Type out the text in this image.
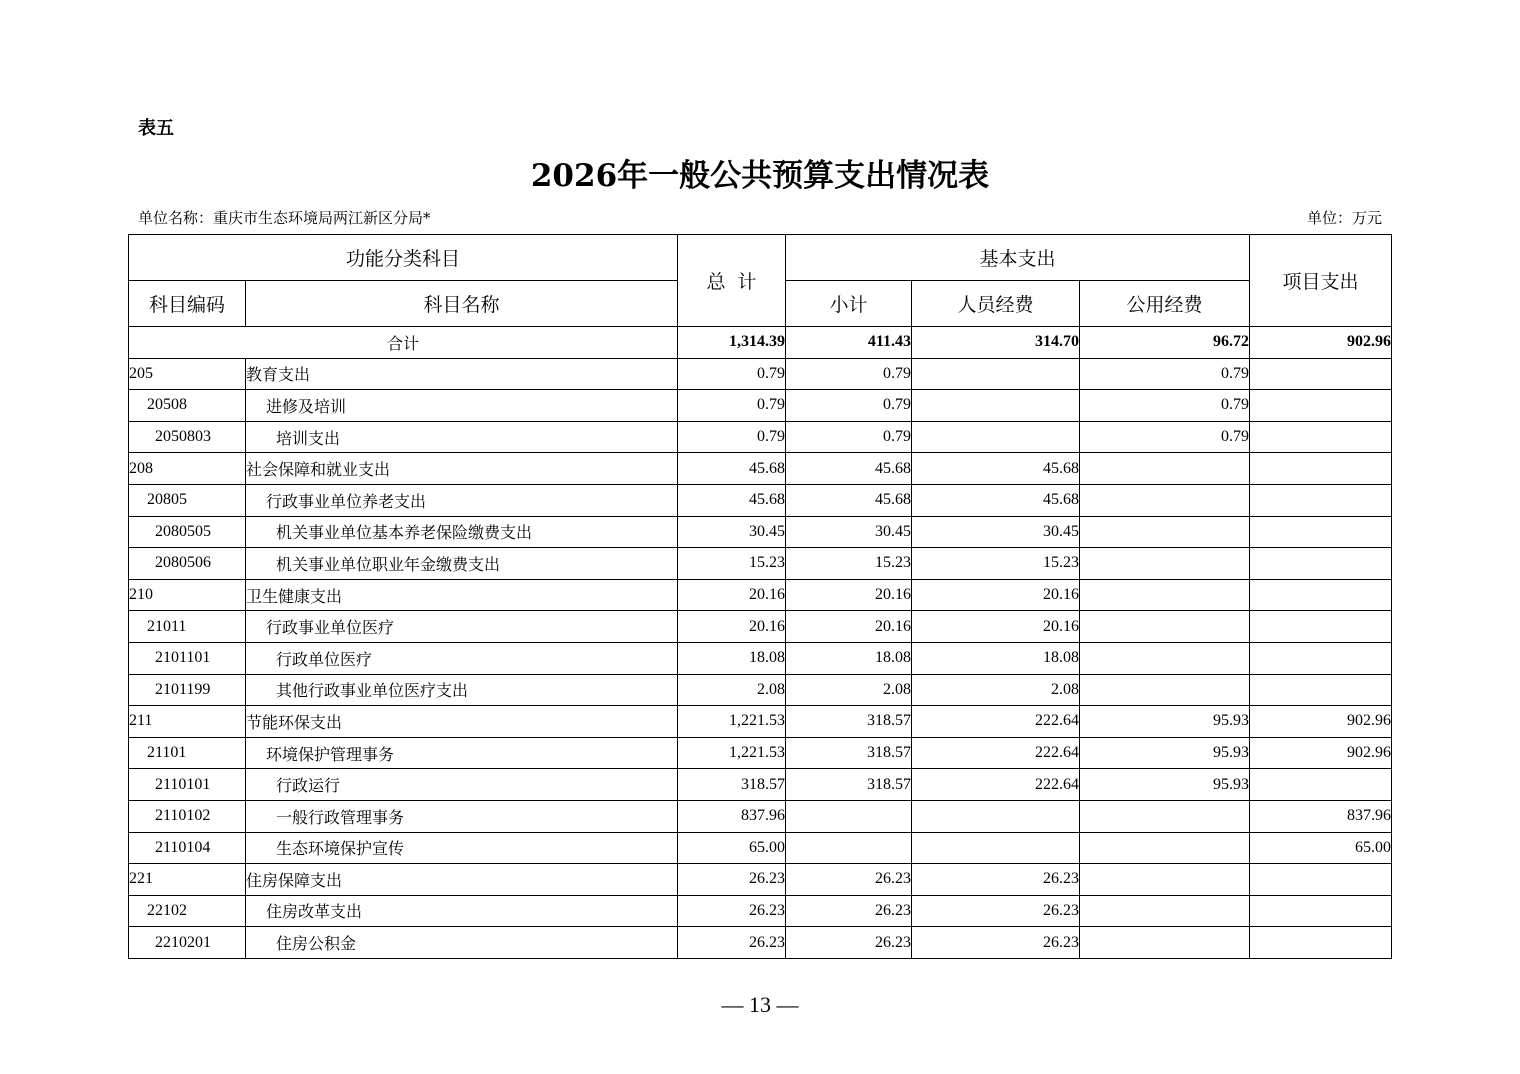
表五
2026年一般公共预算支出情况表
单位名称：重庆市生态环境局两江新区分局*	单位：万元
功能分类科目		总  计	基本支出			项目支出
科目编码	科目名称		小计	人员经费	公用经费	
合计		1,314.39	411.43	314.70	96.72	902.96
205	教育支出	0.79	0.79		0.79	
20508	进修及培训	0.79	0.79		0.79	
2050803	培训支出	0.79	0.79		0.79	
208	社会保障和就业支出	45.68	45.68	45.68		
20805	行政事业单位养老支出	45.68	45.68	45.68		
2080505	机关事业单位基本养老保险缴费支出	30.45	30.45	30.45		
2080506	机关事业单位职业年金缴费支出	15.23	15.23	15.23		
210	卫生健康支出	20.16	20.16	20.16		
21011	行政事业单位医疗	20.16	20.16	20.16		
2101101	行政单位医疗	18.08	18.08	18.08		
2101199	其他行政事业单位医疗支出	2.08	2.08	2.08		
211	节能环保支出	1,221.53	318.57	222.64	95.93	902.96
21101	环境保护管理事务	1,221.53	318.57	222.64	95.93	902.96
2110101	行政运行	318.57	318.57	222.64	95.93	
2110102	一般行政管理事务	837.96				837.96
2110104	生态环境保护宣传	65.00				65.00
221	住房保障支出	26.23	26.23	26.23		
22102	住房改革支出	26.23	26.23	26.23		
2210201	住房公积金	26.23	26.23	26.23		
— 13 —
